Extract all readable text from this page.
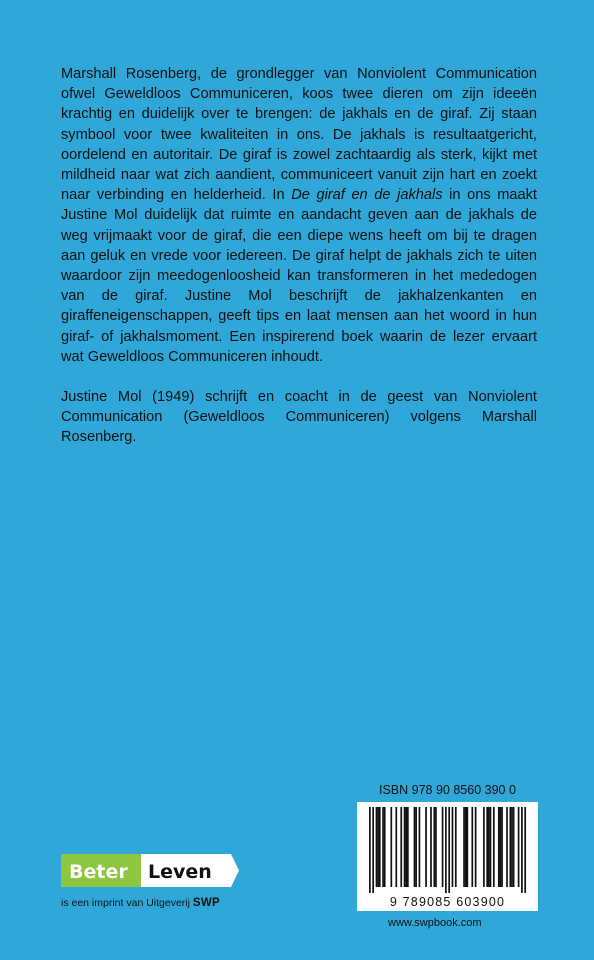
Marshall Rosenberg, de grondlegger van Nonviolent Communication ofwel Geweldloos Communiceren, koos twee dieren om zijn ideeën krachtig en duidelijk over te brengen: de jakhals en de giraf. Zij staan symbool voor twee kwaliteiten in ons. De jakhals is resultaatgericht, oordelend en autoritair. De giraf is zowel zachtaardig als sterk, kijkt met mildheid naar wat zich aandient, communiceert vanuit zijn hart en zoekt naar verbinding en helderheid. In De giraf en de jakhals in ons maakt Justine Mol duidelijk dat ruimte en aandacht geven aan de jakhals de weg vrijmaakt voor de giraf, die een diepe wens heeft om bij te dragen aan geluk en vrede voor iedereen. De giraf helpt de jakhals zich te uiten waardoor zijn meedogenloosheid kan transformeren in het mededogen van de giraf. Justine Mol beschrijft de jakhalzenkanten en giraffeneigenschappen, geeft tips en laat mensen aan het woord in hun giraf- of jakhalsmoment. Een inspirerend boek waarin de lezer ervaart wat Geweldloos Communiceren inhoudt.

Justine Mol (1949) schrijft en coacht in de geest van Nonviolent Communication (Geweldloos Communiceren) volgens Marshall Rosenberg.

Beter Leven
is een imprint van Uitgeverij SWP
ISBN 978 90 8560 390 0
9 789085 603900
www.swpbook.com
